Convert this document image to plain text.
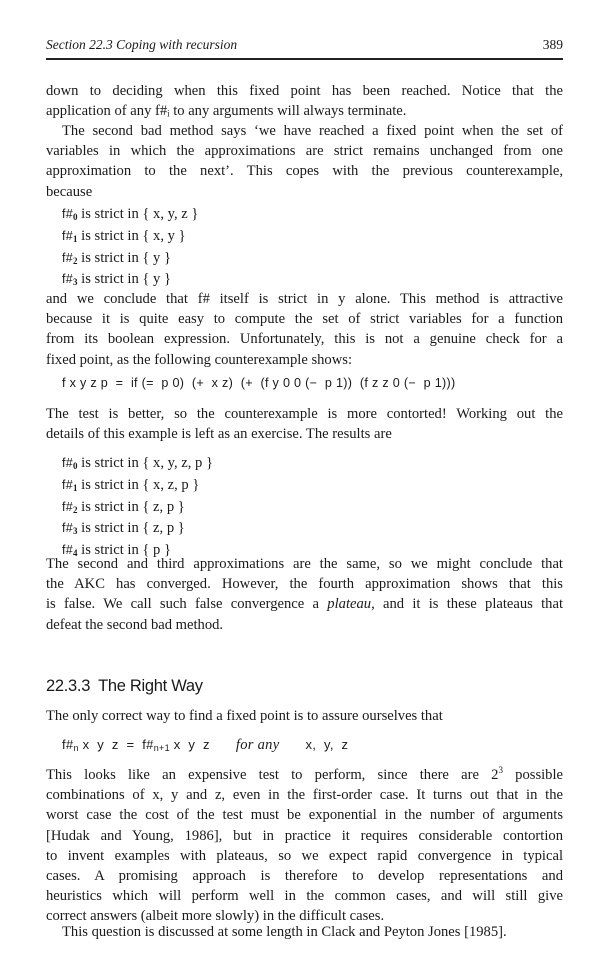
Section 22.3 Coping with recursion	389
down to deciding when this fixed point has been reached. Notice that the
application of any f#ᵢ to any arguments will always terminate.
The second bad method says ‘we have reached a fixed point when the set of
variables in which the approximations are strict remains unchanged from one
approximation to the next’. This copes with the previous counterexample,
because
$f\#_0$ is strict in { x, y, z }
$f\#_1$ is strict in { x, y }
$f\#_2$ is strict in { y }
$f\#_3$ is strict in { y }
and we conclude that f# itself is strict in y alone. This method is attractive
because it is quite easy to compute the set of strict variables for a function
from its boolean expression. Unfortunately, this is not a genuine check for a
fixed point, as the following counterexample shows:
f x y z p  =  if (=  p 0)  (+  x z)  (+  (f y 0 0 (−  p 1))  (f z z 0 (−  p 1)))
The test is better, so the counterexample is more contorted! Working out the
details of this example is left as an exercise. The results are
$f\#_0$ is strict in { x, y, z, p }
$f\#_1$ is strict in { x, z, p }
$f\#_2$ is strict in { z, p }
$f\#_3$ is strict in { z, p }
$f\#_4$ is strict in { p }
The second and third approximations are the same, so we might conclude that
the AKC has converged. However, the fourth approximation shows that this
is false. We call such false convergence a plateau, and it is these plateaus that
defeat the second bad method.
22.3.3 The Right Way
The only correct way to find a fixed point is to assure ourselves that
$f\#_n$ x  y  $z = f\#_{n+1}$ x  y  z for any x,  y,  z
This looks like an expensive test to perform, since there are $2^3$ possible
combinations of x, y and z, even in the first-order case. It turns out that in the
worst case the cost of the test must be exponential in the number of arguments
[Hudak and Young, 1986], but in practice it requires considerable contortion
to invent examples with plateaus, so we expect rapid convergence in typical
cases. A promising approach is therefore to develop representations and
heuristics which will perform well in the common cases, and will still give
correct answers (albeit more slowly) in the difficult cases.
This question is discussed at some length in Clack and Peyton Jones [1985].
